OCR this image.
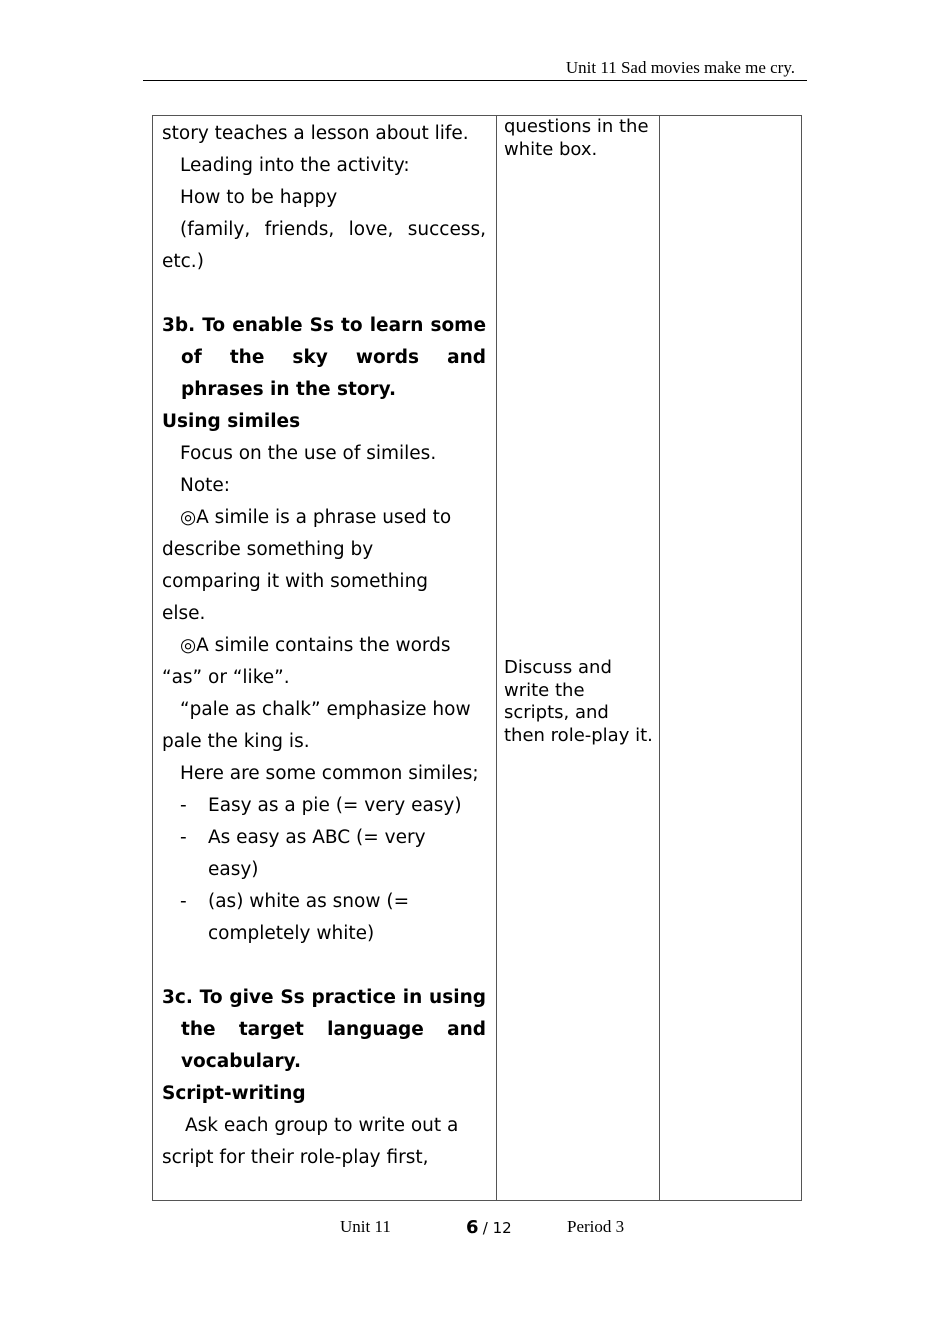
Unit 11 Sad movies make me cry.

story teaches a lesson about life.

Leading into the activity:

How to be happy

(family, friends, love, success, etc.)

3b. To enable Ss to learn some of the sky words and phrases in the story.

Using similes

Focus on the use of similes.

Note:

◎A simile is a phrase used to describe something by comparing it with something else.

◎A simile contains the words “as” or “like”.

“pale as chalk” emphasize how pale the king is.

Here are some common similes;

-	Easy as a pie (= very easy)
-	As easy as ABC (= very easy)
-	(as) white as snow (= completely white)

3c. To give Ss practice in using the target language and vocabulary.

Script-writing

Ask each group to write out a script for their role-play first,

questions in the white box.
Discuss and write the scripts, and then role-play it.
Unit 11	6 / 12	Period 3
